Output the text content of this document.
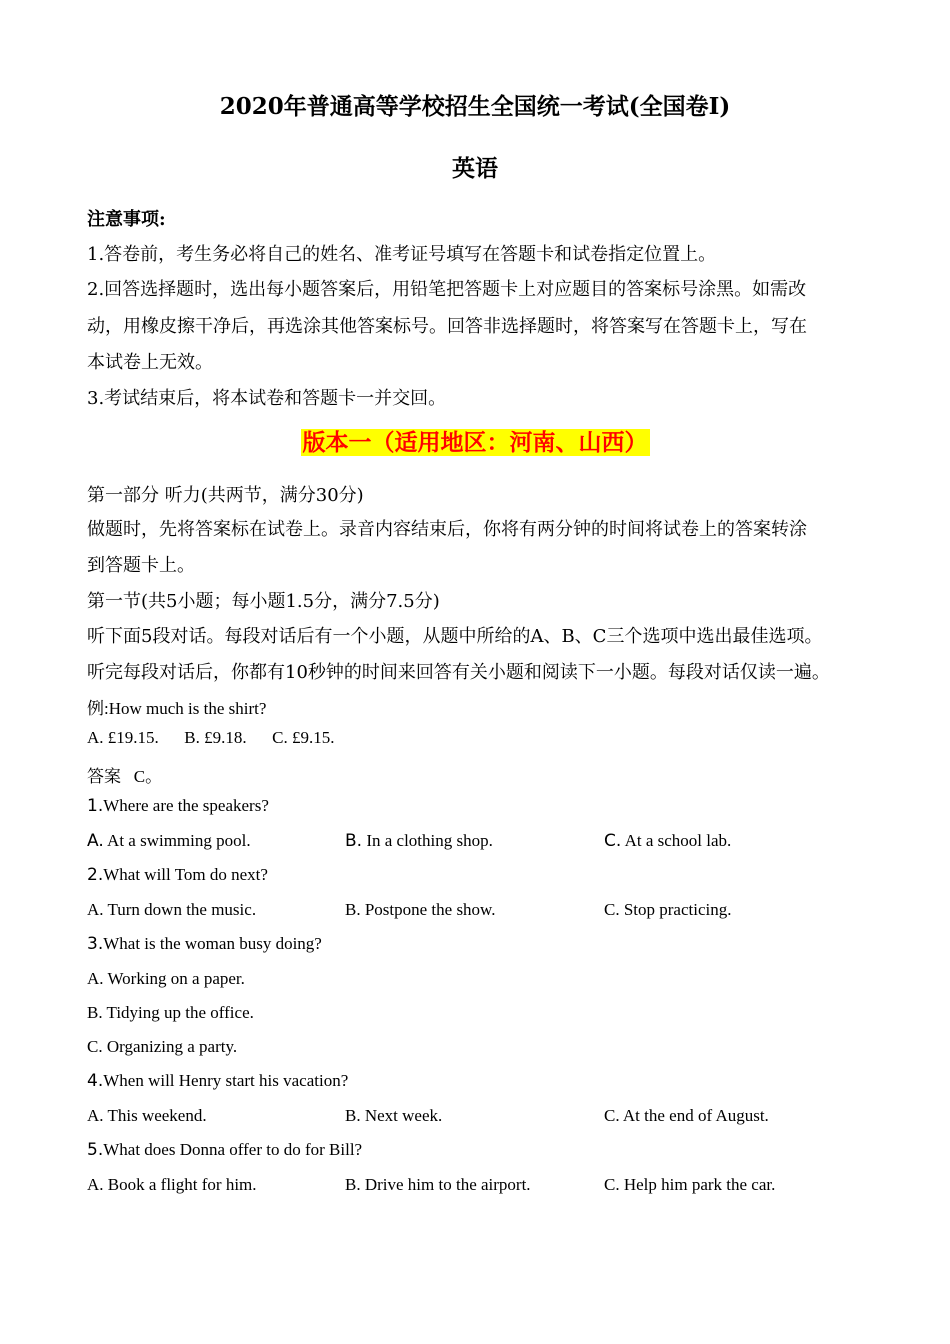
2020年普通高等学校招生全国统一考试(全国卷I)
英语
注意事项:
1.答卷前，考生务必将自己的姓名、准考证号填写在答题卡和试卷指定位置上。
2.回答选择题时，选出每小题答案后，用铅笔把答题卡上对应题目的答案标号涂黑。如需改
动，用橡皮擦干净后，再选涂其他答案标号。回答非选择题时，将答案写在答题卡上，写在
本试卷上无效。
3.考试结束后，将本试卷和答题卡一并交回。
版本一（适用地区：河南、山西）
第一部分 听力(共两节，满分30分)
做题时，先将答案标在试卷上。录音内容结束后，你将有两分钟的时间将试卷上的答案转涂
到答题卡上。
第一节(共5小题；每小题1.5分，满分7.5分)
听下面5段对话。每段对话后有一个小题，从题中所给的A、B、C三个选项中选出最佳选项。
听完每段对话后，你都有10秒钟的时间来回答有关小题和阅读下一小题。每段对话仅读一遍。
例:How much is the shirt?
A. £19.15.      B. £9.18.      C. £9.15.
答案   C。
1.Where are the speakers?
A. At a swimming pool.	B. In a clothing shop.	C. At a school lab.
2.What will Tom do next?
A. Turn down the music.	B. Postpone the show.	C. Stop practicing.
3.What is the woman busy doing?
A. Working on a paper.
B. Tidying up the office.
C. Organizing a party.
4.When will Henry start his vacation?
A. This weekend.	B. Next week.	C. At the end of August.
5.What does Donna offer to do for Bill?
A. Book a flight for him.	B. Drive him to the airport.	C. Help him park the car.
